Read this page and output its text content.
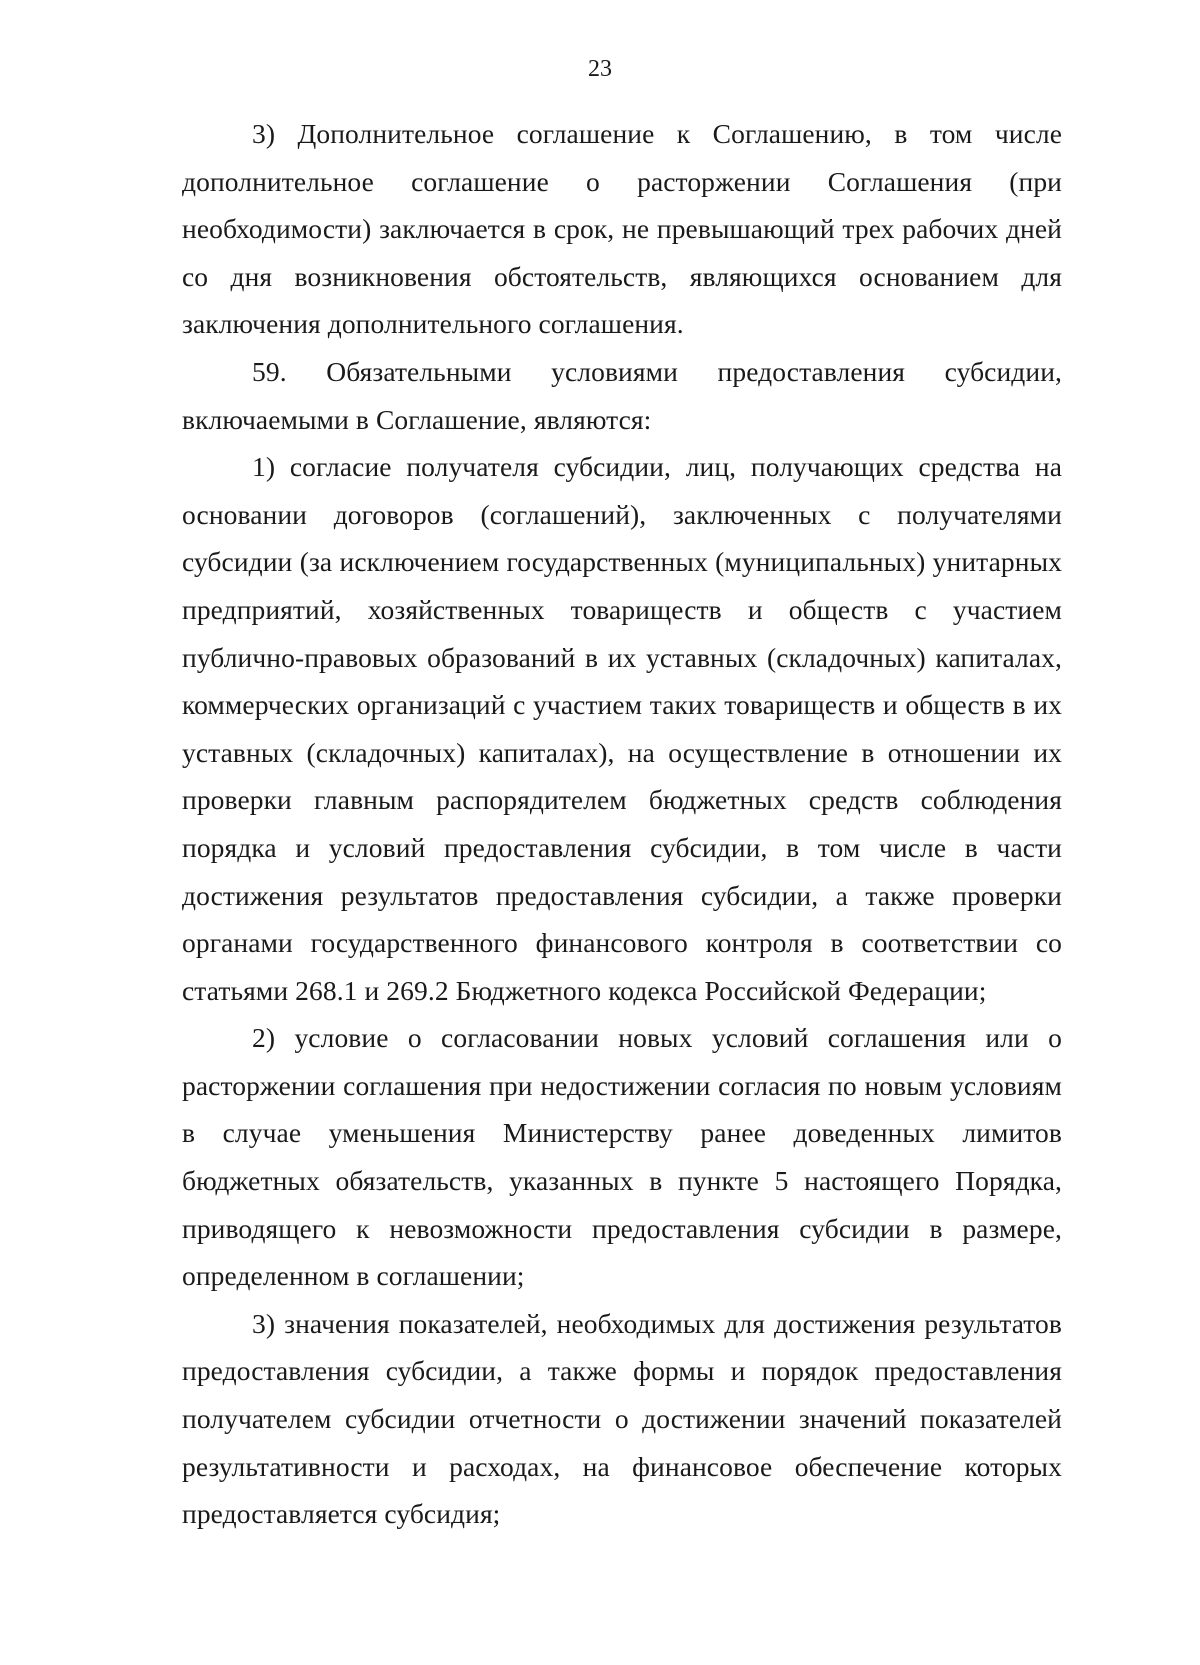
23

3) Дополнительное соглашение к Соглашению, в том числе дополнительное соглашение о расторжении Соглашения (при необходимости) заключается в срок, не превышающий трех рабочих дней со дня возникновения обстоятельств, являющихся основанием для заключения дополнительного соглашения.

59. Обязательными условиями предоставления субсидии, включаемыми в Соглашение, являются:

1) согласие получателя субсидии, лиц, получающих средства на основании договоров (соглашений), заключенных с получателями субсидии (за исключением государственных (муниципальных) унитарных предприятий, хозяйственных товариществ и обществ с участием публично-правовых образований в их уставных (складочных) капиталах, коммерческих организаций с участием таких товариществ и обществ в их уставных (складочных) капиталах), на осуществление в отношении их проверки главным распорядителем бюджетных средств соблюдения порядка и условий предоставления субсидии, в том числе в части достижения результатов предоставления субсидии, а также проверки органами государственного финансового контроля в соответствии со статьями 268.1 и 269.2 Бюджетного кодекса Российской Федерации;

2) условие о согласовании новых условий соглашения или о расторжении соглашения при недостижении согласия по новым условиям в случае уменьшения Министерству ранее доведенных лимитов бюджетных обязательств, указанных в пункте 5 настоящего Порядка, приводящего к невозможности предоставления субсидии в размере, определенном в соглашении;

3) значения показателей, необходимых для достижения результатов предоставления субсидии, а также формы и порядок предоставления получателем субсидии отчетности о достижении значений показателей результативности и расходах, на финансовое обеспечение которых предоставляется субсидия;
